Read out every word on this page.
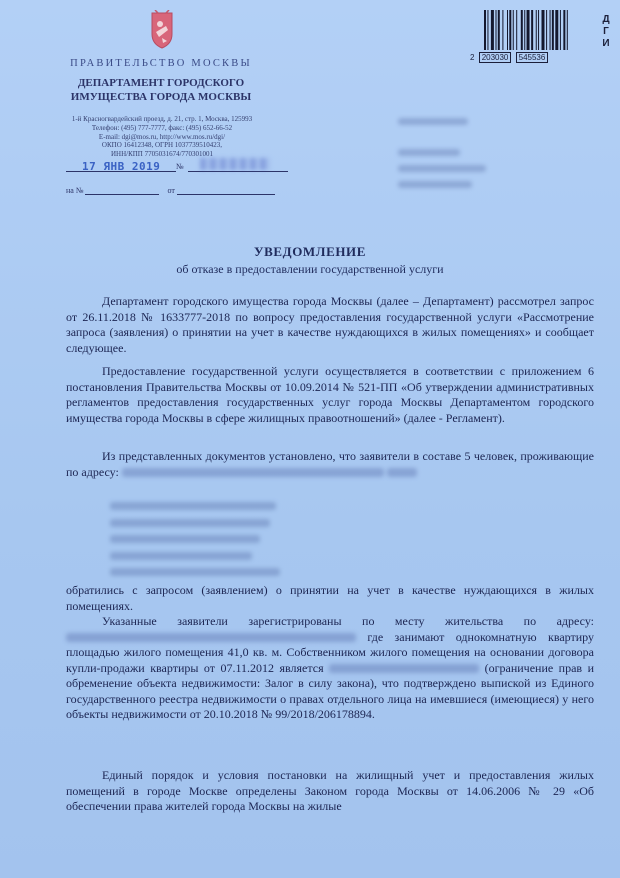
ПРАВИТЕЛЬСТВО МОСКВЫ
ДЕПАРТАМЕНТ ГОРОДСКОГО
ИМУЩЕСТВА ГОРОДА МОСКВЫ
1-й Красногвардейский проезд, д. 21, стр. 1, Москва, 125993
Телефон: (495) 777-7777, факс: (495) 652-66-52
E-mail: dgi@mos.ru, http://www.mos.ru/dgi/
ОКПО 16412348, ОГРН 1037739510423,
ИНН/КПП 7705031674/770301001
17 ЯНВ 2019 №
на №	от
2 203030 545536
Д
Г
И
УВЕДОМЛЕНИЕ
об отказе в предоставлении государственной услуги

Департамент городского имущества города Москвы (далее – Департамент) рассмотрел запрос от 26.11.2018 № 1633777-2018 по вопросу предоставления государственной услуги «Рассмотрение запроса (заявления) о принятии на учет в качестве нуждающихся в жилых помещениях» и сообщает следующее.

Предоставление государственной услуги осуществляется в соответствии с приложением 6 постановления Правительства Москвы от 10.09.2014 № 521-ПП «Об утверждении административных регламентов предоставления государственных услуг города Москвы Департаментом городского имущества города Москвы в сфере жилищных правоотношений» (далее - Регламент).

Из представленных документов установлено, что заявители в составе 5 человек, проживающие по адресу:

обратились с запросом (заявлением) о принятии на учет в качестве нуждающихся в жилых помещениях.

Указанные заявители зарегистрированы по месту жительства по адресу:  где занимают однокомнатную квартиру площадью жилого помещения 41,0 кв. м. Собственником жилого помещения на основании договора купли-продажи квартиры от 07.11.2012 является	(ограничение прав и обременение объекта недвижимости: Залог в силу закона), что подтверждено выпиской из Единого государственного реестра недвижимости о правах отдельного лица на имевшиеся (имеющиеся) у него объекты недвижимости от 20.10.2018 № 99/2018/206178894.

Единый порядок и условия постановки на жилищный учет и предоставления жилых помещений в городе Москве определены Законом города Москвы от 14.06.2006 № 29 «Об обеспечении права жителей города Москвы на жилые
